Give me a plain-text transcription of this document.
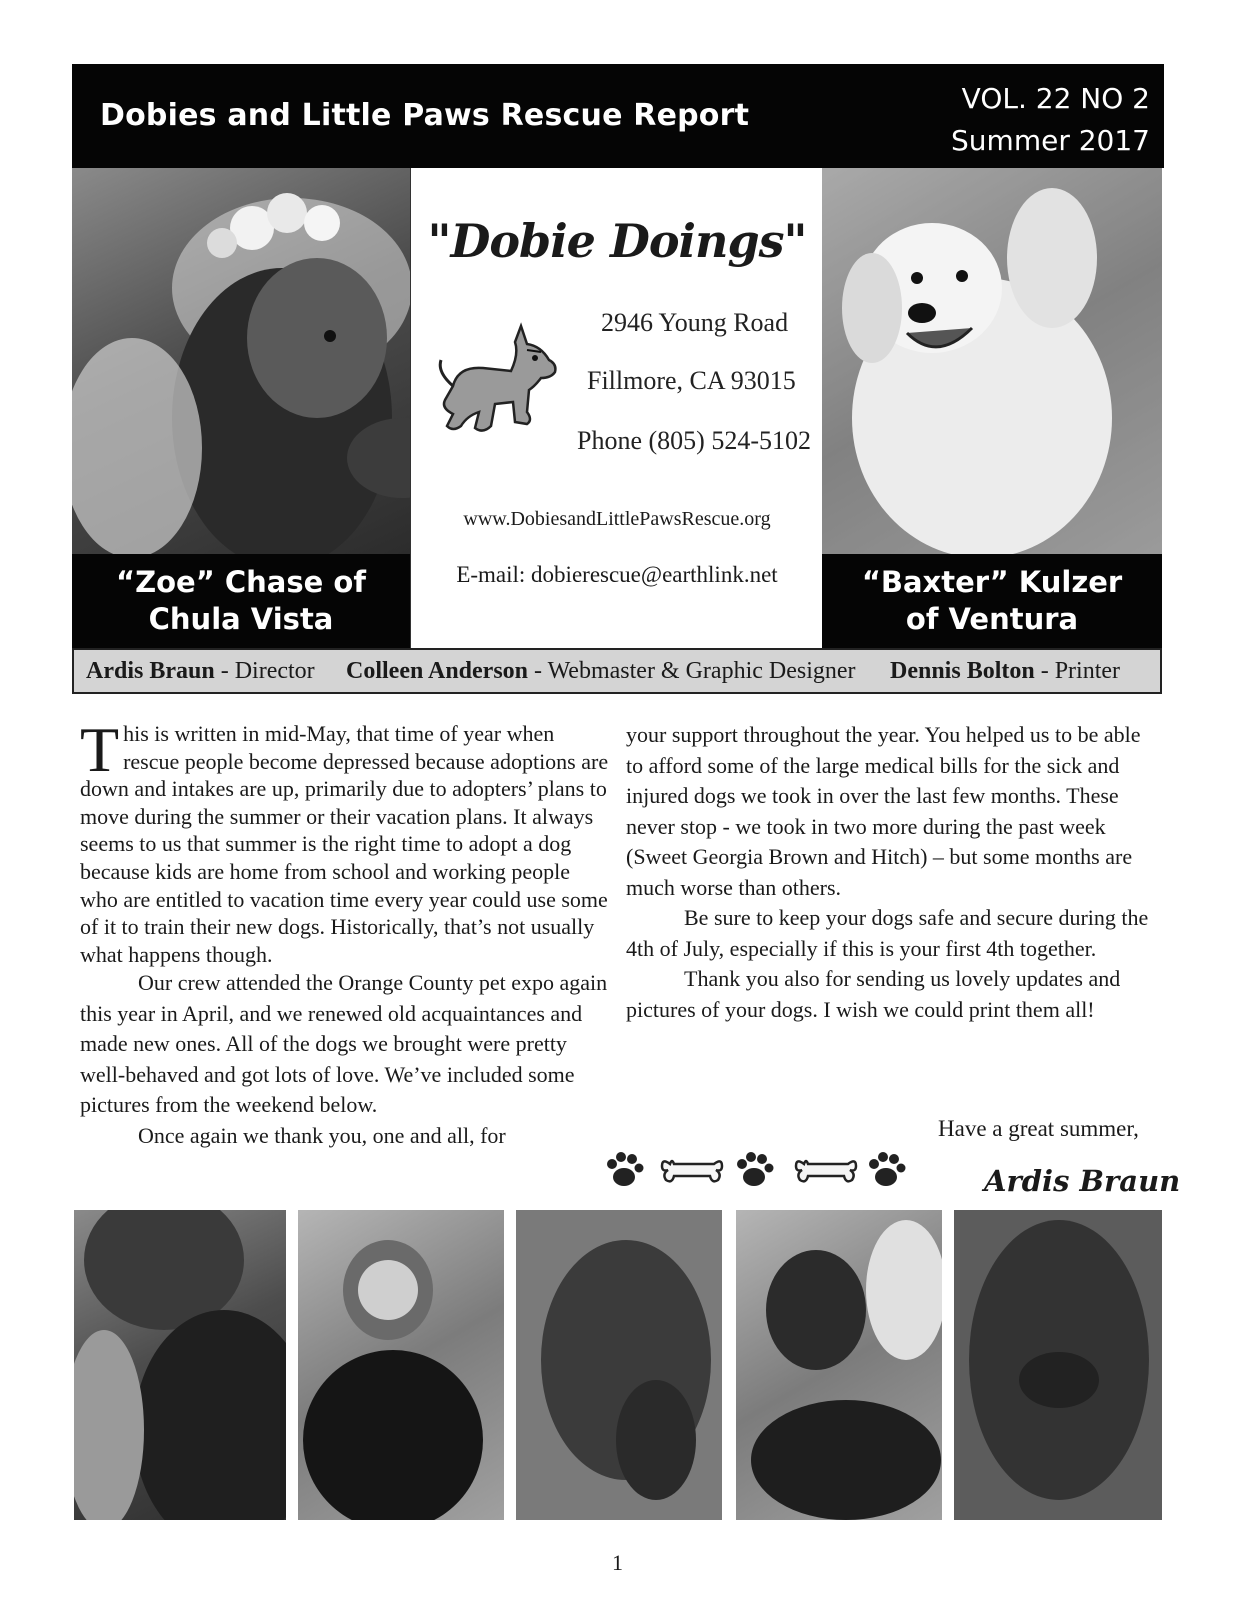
Dobies and Little Paws Rescue Report	VOL. 22 NO 2
Summer 2017
“Zoe” Chase of Chula Vista
"Dobie Doings"
2946 Young Road
Fillmore, CA 93015
Phone (805) 524-5102
www.DobiesandLittlePawsRescue.org
E-mail: dobierescue@earthlink.net	“Baxter” Kulzer of Ventura
Ardis Braun - Director Colleen Anderson - Webmaster & Graphic Designer Dennis Bolton - Printer

This is written in mid-May, that time of year when rescue people become depressed because adoptions are down and intakes are up, primarily due to adopters’ plans to move during the summer or their vacation plans. It always seems to us that summer is the right time to adopt a dog because kids are home from school and working people who are entitled to vacation time every year could use some of it to train their new dogs. Historically, that’s not usually what happens though.

Our crew attended the Orange County pet expo again this year in April, and we renewed old acquaintances and made new ones. All of the dogs we brought were pretty well-behaved and got lots of love. We’ve included some pictures from the weekend below.

Once again we thank you, one and all, for

your support throughout the year. You helped us to be able to afford some of the large medical bills for the sick and injured dogs we took in over the last few months. These never stop - we took in two more during the past week (Sweet Georgia Brown and Hitch) – but some months are much worse than others.

Be sure to keep your dogs safe and secure during the 4th of July, especially if this is your first 4th together.

Thank you also for sending us lovely updates and pictures of your dogs. I wish we could print them all!

Have a great summer,
Ardis Braun
1
